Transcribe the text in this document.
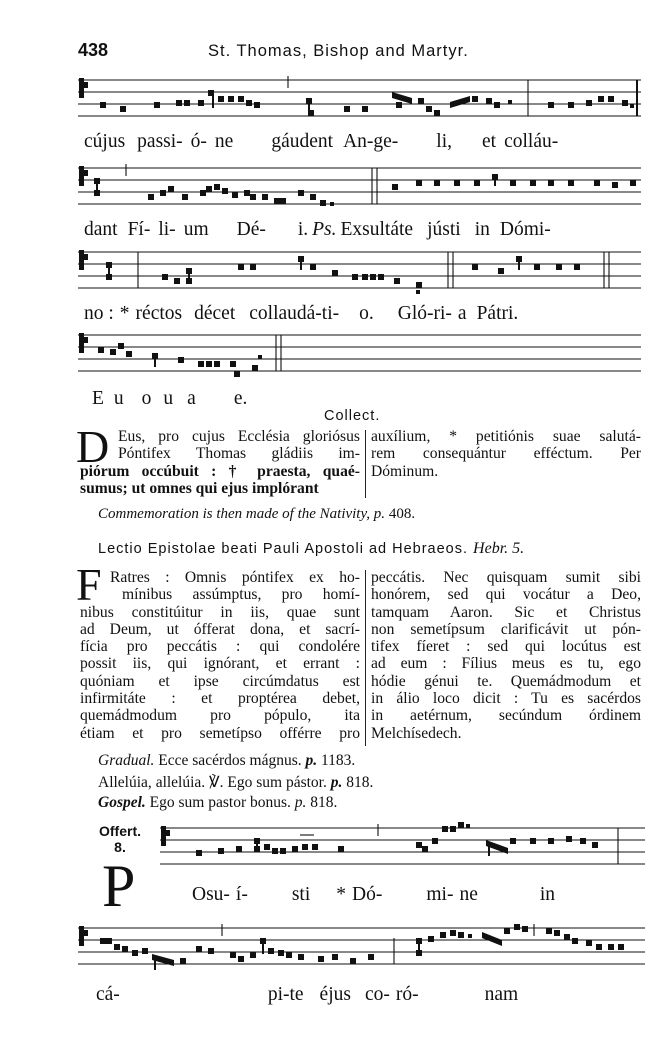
438	St. Thomas, Bishop and Martyr.
cújus passi- ó- ne gáudent An-ge- li, et colláu-
dant Fí- li- um Dé- i. Ps. Exsultáte jústi in Dómi-
no : * réctos décet collaudá-ti- o. Gló-ri- a Pátri.
E u o u a e.
Collect.
D Eus, pro cujus Ecclésia gloriósus
Póntifex Thomas gládiis im-
piórum occúbuit : † praesta, quaé-
sumus; ut omnes qui ejus implórant
auxílium, * petitiónis suae salutá-
rem consequántur efféctum. Per
Dóminum.
Commemoration is then made of the Nativity, p. 408.
Lectio Epistolae beati Pauli Apostoli ad Hebraeos. Hebr. 5.
F Ratres : Omnis póntifex ex ho-
mínibus assúmptus, pro homí-
nibus constitúitur in iis, quae sunt
ad Deum, ut ófferat dona, et sacrí-
fícia pro peccátis : qui condolére
possit iis, qui ignórant, et errant :
quóniam et ipse circúmdatus est
infirmitáte : et proptérea debet,
quemádmodum pro pópulo, ita
étiam et pro semetípso offérre pro
peccátis. Nec quisquam sumit sibi
honórem, sed qui vocátur a Deo,
tamquam Aaron. Sic et Christus
non semetípsum clarificávit ut pón-
tifex fíeret : sed qui locútus est
ad eum : Fílius meus es tu, ego
hódie génui te. Quemádmodum et
in álio loco dicit : Tu es sacérdos
in aetérnum, secúndum órdinem
Melchísedech.
Gradual. Ecce sacérdos mágnus. p. 1183.
Allelúia, allelúia. ℣. Ego sum pástor. p. 818.
Gospel. Ego sum pastor bonus. p. 818.
Offert.
8.
P	Osu- í- sti * Dó- mi- ne	in
cá-	pi-te éjus co- ró-	nam
